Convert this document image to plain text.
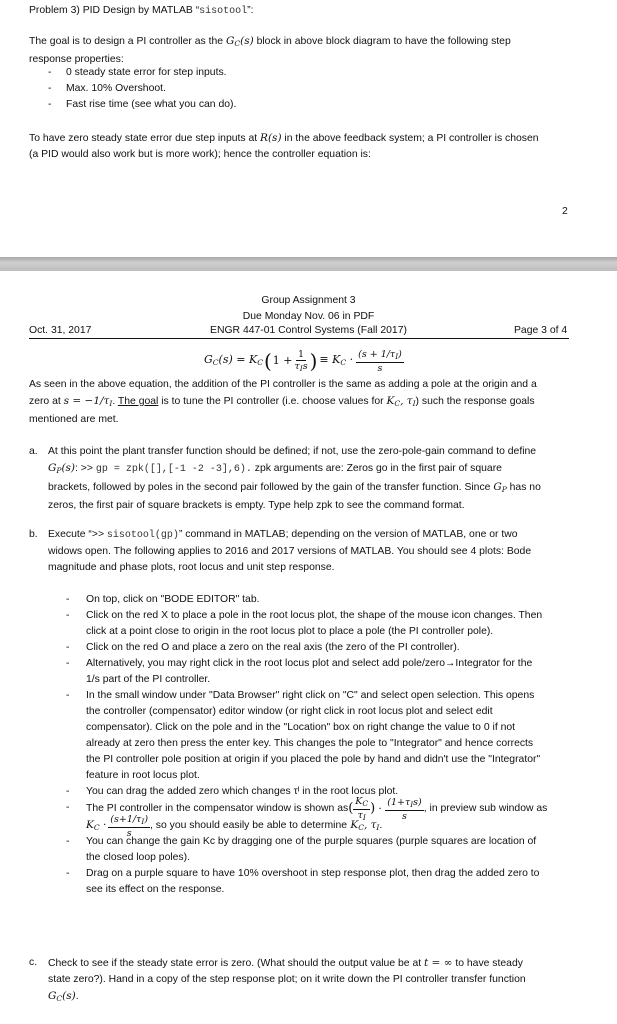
Problem 3) PID Design by MATLAB “sisotool”:
The goal is to design a PI controller as the $G_C(s)$ block in above block diagram to have the following step
response properties:
- 0 steady state error for step inputs.
- Max. 10% Overshoot.
- Fast rise time (see what you can do).
To have zero steady state error due step inputs at R(s) in the above feedback system; a PI controller is chosen
(a PID would also work but is more work); hence the controller equation is:
2
Group Assignment 3
Due Monday Nov. 06 in PDF
Oct. 31, 2017	ENGR 447-01 Control Systems (Fall 2017)	Page 3 of 4
$G_C(s) = K_C$ ( $1 + \frac{1}{\tau_Is}$ ) ≡ $K_C \cdot \frac{(s + 1/\tau_I)}{s}$
As seen in the above equation, the addition of the PI controller is the same as adding a pole at the origin and a
zero at $s = -1/\tau_I$. The goal is to tune the PI controller (i.e. choose values for $K_C$, $\tau_I$) such the response goals
mentioned are met.
a. At this point the plant transfer function should be defined; if not, use the zero-pole-gain command to define
$G_P(s)$: >> gp = zpk([],[-1 -2 -3],6). zpk arguments are: Zeros go in the first pair of square
brackets, followed by poles in the second pair followed by the gain of the transfer function. Since $G_P$ has no
zeros, the first pair of square brackets is empty. Type help zpk to see the command format.
b. Execute “>> sisotool(gp)” command in MATLAB; depending on the version of MATLAB, one or two
widows open. The following applies to 2016 and 2017 versions of MATLAB. You should see 4 plots: Bode
magnitude and phase plots, root locus and unit step response.
- On top, click on "BODE EDITOR" tab.
- Click on the red X to place a pole in the root locus plot, the shape of the mouse icon changes. Then
click at a point close to origin in the root locus plot to place a pole (the PI controller pole).
- Click on the red O and place a zero on the real axis (the zero of the PI controller).
- Alternatively, you may right click in the root locus plot and select add pole/zero→Integrator for the
1/s part of the PI controller.
- In the small window under "Data Browser" right click on "C" and select open selection. This opens
the controller (compensator) editor window (or right click in root locus plot and select edit
compensator). Click on the pole and in the "Location" box on right change the value to 0 if not
already at zero then press the enter key. This changes the pole to "Integrator" and hence corrects
the PI controller pole position at origin if you placed the pole by hand and didn't use the "Integrator"
feature in root locus plot.
- You can drag the added zero which changes τᴵ in the root locus plot.
- The PI controller in the compensator window is shown as ( $\frac{K_C}{\tau_I}$ ) · $\frac{(1+\tau_Is)}{s}$ , in preview sub window as
$K_C \cdot \frac{(s+1/\tau_I)}{s}$ , so you should easily be able to determine $K_C$, $\tau_I$ .
- You can change the gain Kᴄ by dragging one of the purple squares (purple squares are location of
the closed loop poles).
- Drag on a purple square to have 10% overshoot in step response plot, then drag the added zero to
see its effect on the response.
c. Check to see if the steady state error is zero. (What should the output value be at t = ∞ to have steady
state zero?). Hand in a copy of the step response plot; on it write down the PI controller transfer function
$G_C(s)$.
